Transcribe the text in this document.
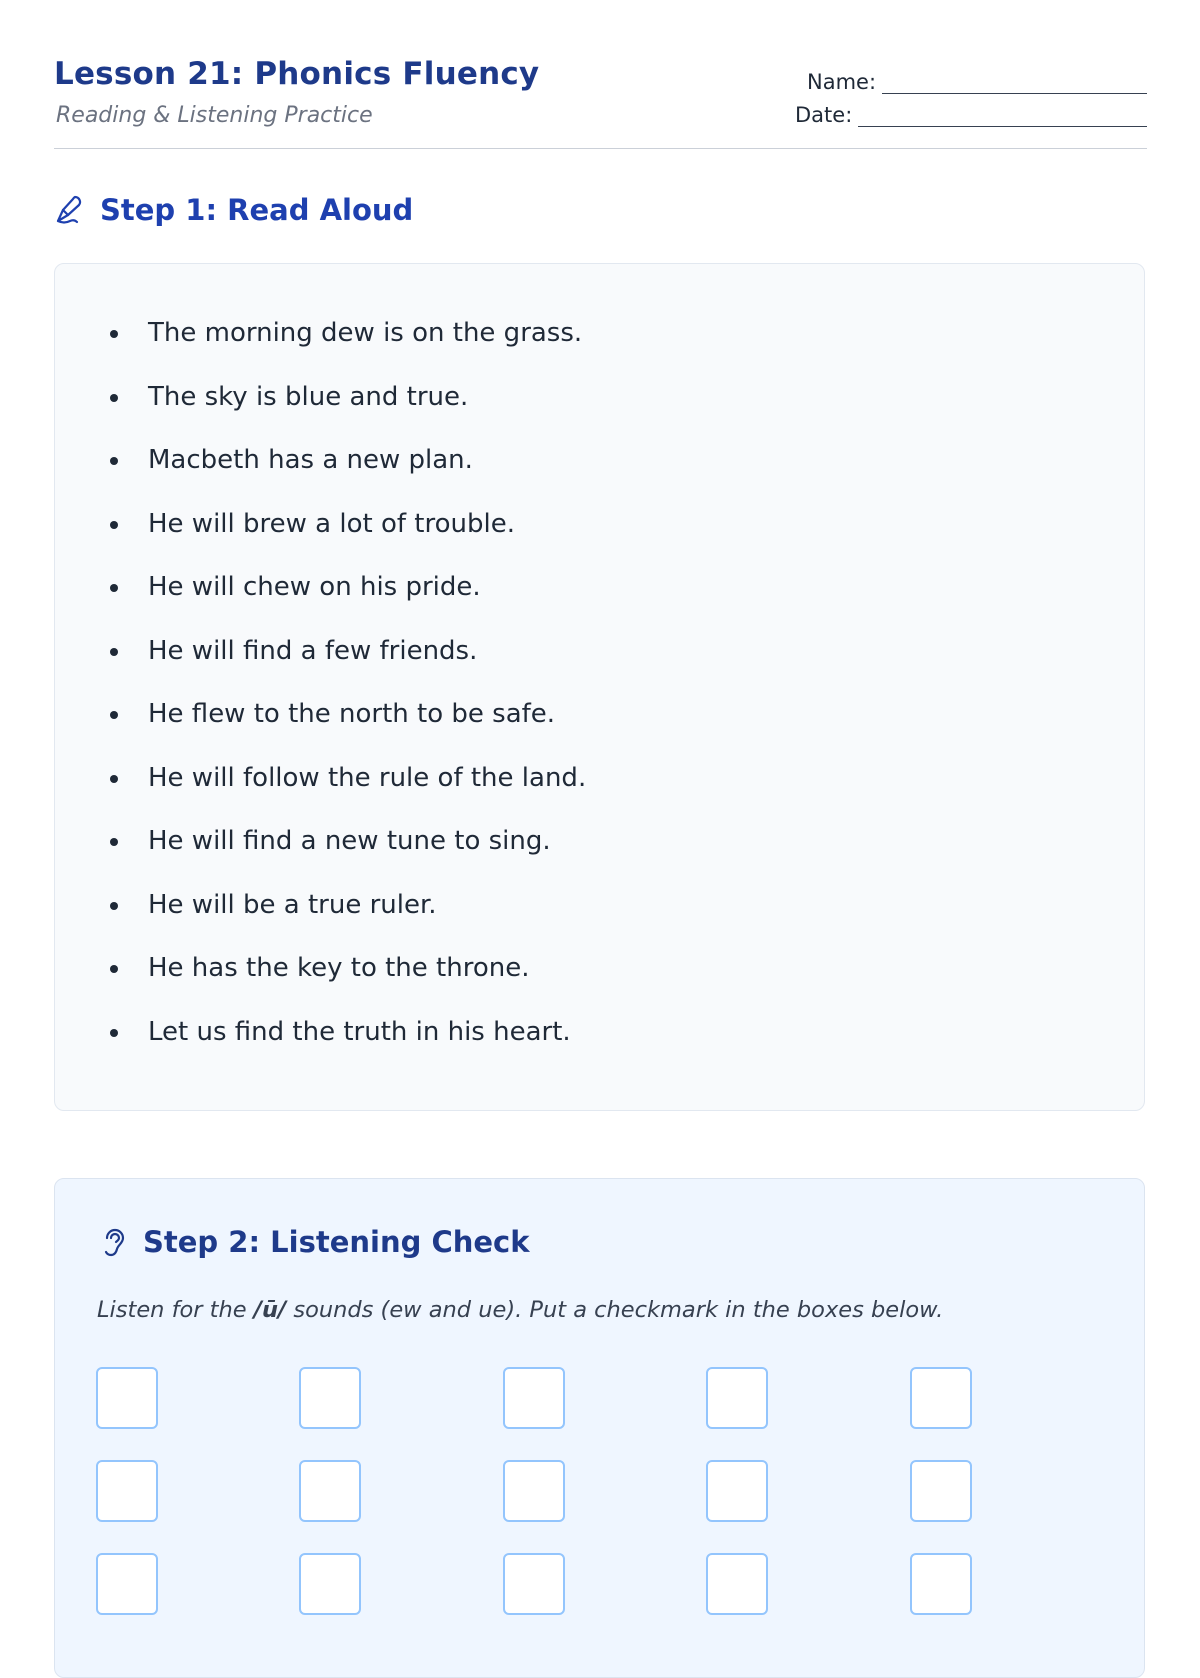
Lesson 21: Phonics Fluency
Reading & Listening Practice
Name:
Date:
Step 1: Read Aloud
The morning dew is on the grass.
The sky is blue and true.
Macbeth has a new plan.
He will brew a lot of trouble.
He will chew on his pride.
He will find a few friends.
He flew to the north to be safe.
He will follow the rule of the land.
He will find a new tune to sing.
He will be a true ruler.
He has the key to the throne.
Let us find the truth in his heart.
Step 2: Listening Check
Listen for the /ū/ sounds (ew and ue). Put a checkmark in the boxes below.
